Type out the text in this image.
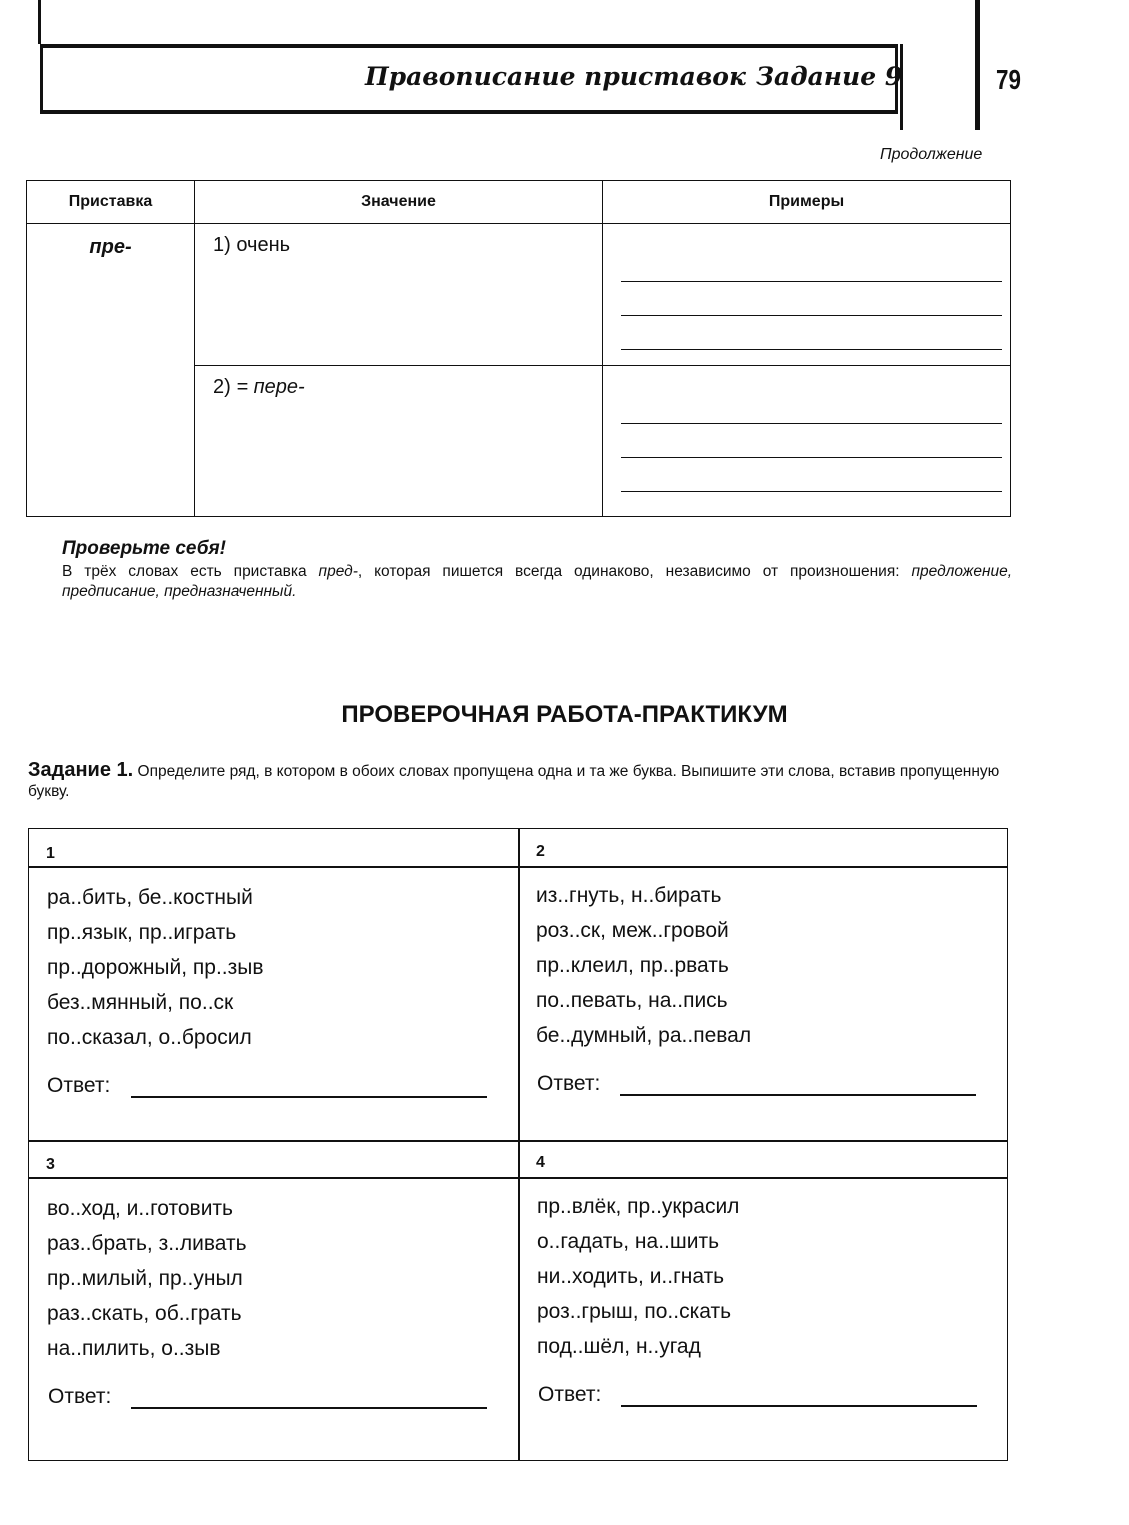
Правописание приставок Задание 9	79
Продолжение
Приставка	Значение	Примеры
пре-	1) очень	

	2) = пере-	
Проверьте себя!
В трёх словах есть приставка пред-, которая пишется всегда одинаково, независимо от произношения: предложение, предписание, предназначенный.
ПРОВЕРОЧНАЯ РАБОТА-ПРАКТИКУМ
Задание 1. Определите ряд, в котором в обоих словах пропущена одна и та же буква. Выпишите эти слова, вставив пропущенную букву.
1	2
3	4
ра..бить, бе..костный
пр..язык, пр..играть
пр..дорожный, пр..зыв
без..мянный, по..ск
по..сказал, о..бросил
Ответ:
из..гнуть, н..бирать
роз..ск, меж..гровой
пр..клеил, пр..рвать
по..певать, на..пись
бе..думный, ра..певал
Ответ:
во..ход, и..готовить
раз..брать, з..ливать
пр..милый, пр..уныл
раз..скать, об..грать
на..пилить, о..зыв
Ответ:
пр..влёк, пр..украсил
о..гадать, на..шить
ни..ходить, и..гнать
роз..грыш, по..скать
под..шёл, н..угад
Ответ:
